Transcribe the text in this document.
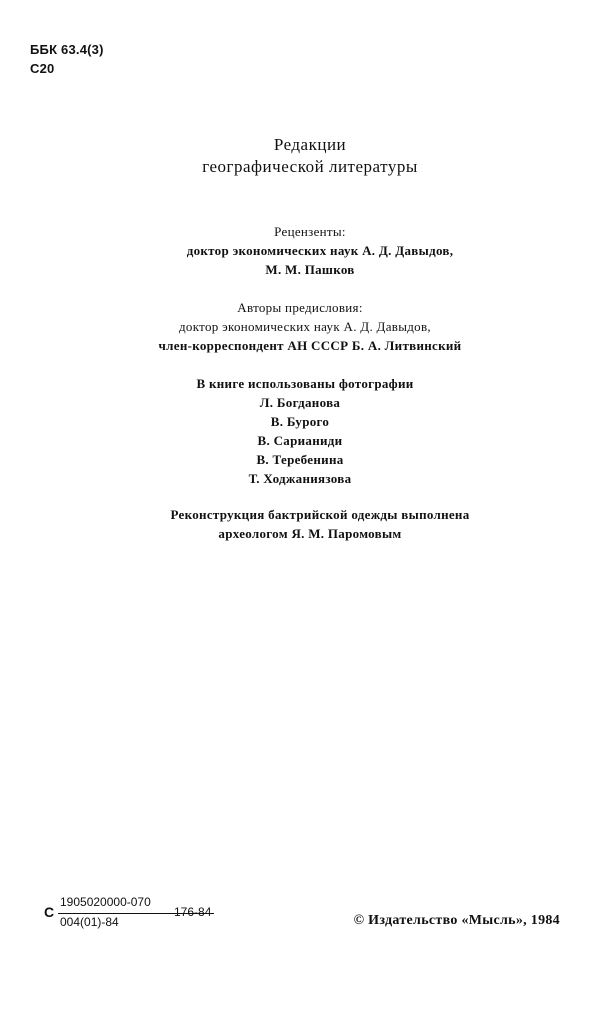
ББК 63.4(3)
С20
Редакции
географической литературы
Рецензенты:
доктор экономических наук А. Д. Давыдов,
М. М. Пашков
Авторы предисловия:
доктор экономических наук А. Д. Давыдов,
член-корреспондент АН СССР Б. А. Литвинский
В книге использованы фотографии
Л. Богданова
В. Бурого
В. Сарианиди
В. Теребенина
Т. Ходжаниязова
Реконструкция бактрийской одежды выполнена
археологом Я. М. Паромовым
С
1905020000-070
004(01)-84
176-84
© Издательство «Мысль», 1984
